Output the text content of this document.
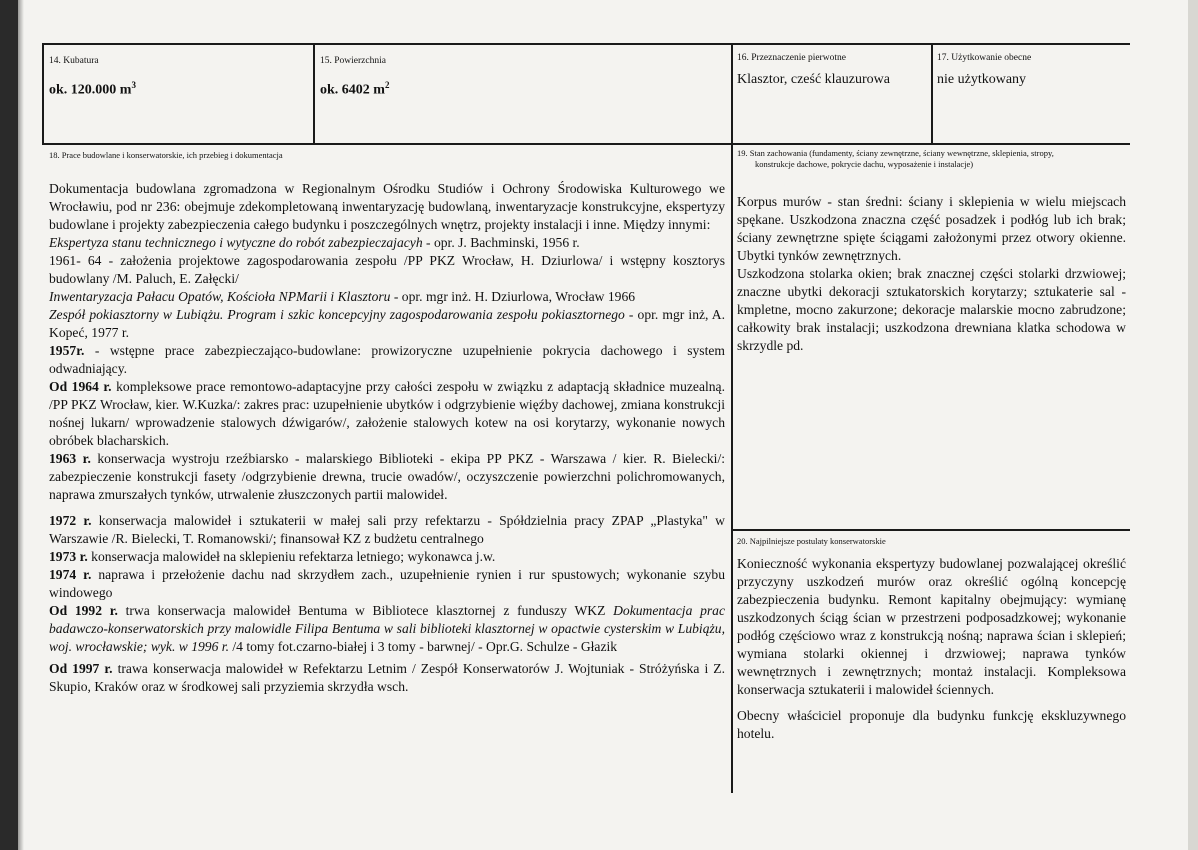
14. Kubatura
ok. 120.000 $m^3$
15. Powierzchnia
ok. 6402 $m^2$
16. Przeznaczenie pierwotne
Klasztor, cześć klauzurowa
17. Użytkowanie obecne
nie użytkowany
18. Prace budowlane i konserwatorskie, ich przebieg i dokumentacja

Dokumentacja budowlana zgromadzona w Regionalnym Ośrodku Studiów i Ochrony Środowiska Kulturowego we Wrocławiu, pod nr 236: obejmuje zdekompletowaną inwentaryzację budowlaną, inwentaryzacje konstrukcyjne, ekspertyzy budowlane i projekty zabezpieczenia całego budynku i poszczególnych wnętrz, projekty instalacji i inne. Między innymi:

Ekspertyza stanu technicznego i wytyczne do robót zabezpieczajacyh - opr. J. Bachminski, 1956 r.

1961- 64 - założenia projektowe zagospodarowania zespołu /PP PKZ Wrocław, H. Dziurlowa/ i wstępny kosztorys budowlany /M. Paluch, E. Załęcki/

Inwentaryzacja Pałacu Opatów, Kościoła NPMarii i Klasztoru - opr. mgr inż. H. Dziurlowa, Wrocław 1966

Zespół pokiasztorny w Lubiążu. Program i szkic koncepcyjny zagospodarowania zespołu pokiasztornego - opr. mgr inż, A. Kopeć, 1977 r.

1957r. - wstępne prace zabezpieczająco-budowlane: prowizoryczne uzupełnienie pokrycia dachowego i system odwadniający.

Od 1964 r. kompleksowe prace remontowo-adaptacyjne przy całości zespołu w związku z adaptacją składnice muzealną. /PP PKZ Wrocław, kier. W.Kuzka/: zakres prac: uzupełnienie ubytków i odgrzybienie więźby dachowej, zmiana konstrukcji nośnej lukarn/ wprowadzenie stalowych dźwigarów/, założenie stalowych kotew na osi korytarzy, wykonanie nowych obróbek blacharskich.

1963 r. konserwacja wystroju rzeźbiarsko - malarskiego Biblioteki - ekipa PP PKZ - Warszawa / kier. R. Bielecki/: zabezpieczenie konstrukcji fasety /odgrzybienie drewna, trucie owadów/, oczyszczenie powierzchni polichromowanych, naprawa zmurszałych tynków, utrwalenie złuszczonych partii malowideł.

1972 r. konserwacja malowideł i sztukaterii w małej sali przy refektarzu - Spółdzielnia pracy ZPAP „Plastyka" w Warszawie /R. Bielecki, T. Romanowski/; finansował KZ z budżetu centralnego

1973 r. konserwacja malowideł na sklepieniu refektarza letniego; wykonawca j.w.

1974 r. naprawa i przełożenie dachu nad skrzydłem zach., uzupełnienie rynien i rur spustowych; wykonanie szybu windowego

Od 1992 r. trwa konserwacja malowideł Bentuma w Bibliotece klasztornej z funduszy WKZ Dokumentacja prac badawczo-konserwatorskich przy malowidle Filipa Bentuma w sali biblioteki klasztornej w opactwie cysterskim w Lubiążu, woj. wrocławskie; wyk. w 1996 r. /4 tomy fot.czarno-białej i 3 tomy - barwnej/ - Opr.G. Schulze - Głazik

Od 1997 r. trawa konserwacja malowideł w Refektarzu Letnim / Zespół Konserwatorów J. Wojtuniak - Stróżyńska i Z. Skupio, Kraków oraz w środkowej sali przyziemia skrzydła wsch.

19. Stan zachowania (fundamenty, ściany zewnętrzne, ściany wewnętrzne, sklepienia, stropy,
konstrukcje dachowe, pokrycie dachu, wyposażenie i instalacje)

Korpus murów - stan średni: ściany i sklepienia w wielu miejscach spękane. Uszkodzona znaczna część posadzek i podłóg lub ich brak; ściany zewnętrzne spięte ściągami założonymi przez otwory okienne. Ubytki tynków zewnętrznych.

Uszkodzona stolarka okien; brak znacznej części stolarki drzwiowej; znaczne ubytki dekoracji sztukatorskich korytarzy; sztukaterie sal - kmpletne, mocno zakurzone; dekoracje malarskie mocno zabrudzone; całkowity brak instalacji; uszkodzona drewniana klatka schodowa w skrzydle pd.

20. Najpilniejsze postulaty konserwatorskie

Konieczność wykonania ekspertyzy budowlanej pozwalającej określić przyczyny uszkodzeń murów oraz określić ogólną koncepcję zabezpieczenia budynku. Remont kapitalny obejmujący: wymianę uszkodzonych ściąg ścian w przestrzeni podposadzkowej; wykonanie podłóg częściowo wraz z konstrukcją nośną; naprawa ścian i sklepień; wymiana stolarki okiennej i drzwiowej; naprawa tynków wewnętrznych i zewnętrznych; montaż instalacji. Kompleksowa konserwacja sztukaterii i malowideł ściennych.

Obecny właściciel proponuje dla budynku funkcję ekskluzywnego hotelu.
